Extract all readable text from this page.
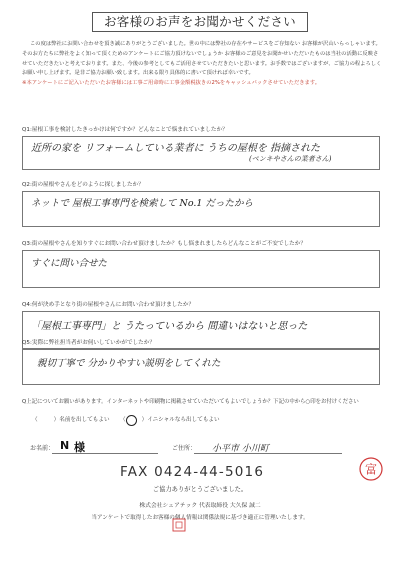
お客様のお声をお聞かせください

この度は弊社にお問い合わせを頂き誠にありがとうございました。世の中には弊社の存在やサービスをご存知ない お客様が沢山いらっしゃいます。そのお方たちに弊社をよく知って頂くためのアンケートにご協力頂けないでしょうか お客様のご意見をお聞かせいただいたものは当社の活動に反映させていただきたいと考えております。また、今後の参考としてもご活用させていただきたいと思います。お手数ではございますが、ご協力の程よろしくお願い申し上げます。是非ご協力お願い致します。出来る限り具体的に書いて頂ければ幸いです。

※本アンケートにご記入いただいたお客様には工事ご用命時に工事金額税抜きの2%をキャッシュバックさせていただきます。

Q1:屋根工事を検討したきっかけは何ですか？どんなことで悩まれていましたか？
近所の家を リフォームしている業者に うちの屋根を 指摘された
(ペンキやさんの業者さん)
Q2:街の屋根やさんをどのように探しましたか？
ネットで 屋根工事専門を検索して No.1 だったから
Q3:街の屋根やさんを知りすぐにお問い合わせ頂けましたか？もし悩まれましたらどんなことがご不安でしたか？
すぐに問い合せた
Q4:何が決め手となり街の屋根やさんにお問い合わせ頂けましたか？
「屋根工事専門」と うたっているから 間違いはないと思った
Q5:実際に弊社担当者がお伺いしていかがでしたか？
親切丁寧で 分かりやすい説明をしてくれた
Q上記についてお願いがあります。インターネットや印刷物に掲載させていただいてもよいでしょうか？下記の中から○印をお付けください
（	）名前を出してもよい （	）イニシャルなら出してもよい
お名前： N 様	ご住所： 小平市 小川町
FAX 0424-44-5016	富
ご協力ありがとうございました。
株式会社シェアテック 代表取締役 大久保 誠二
当アンケートで取得したお客様の個人情報は関係法規に基づき適正に管理いたします。
